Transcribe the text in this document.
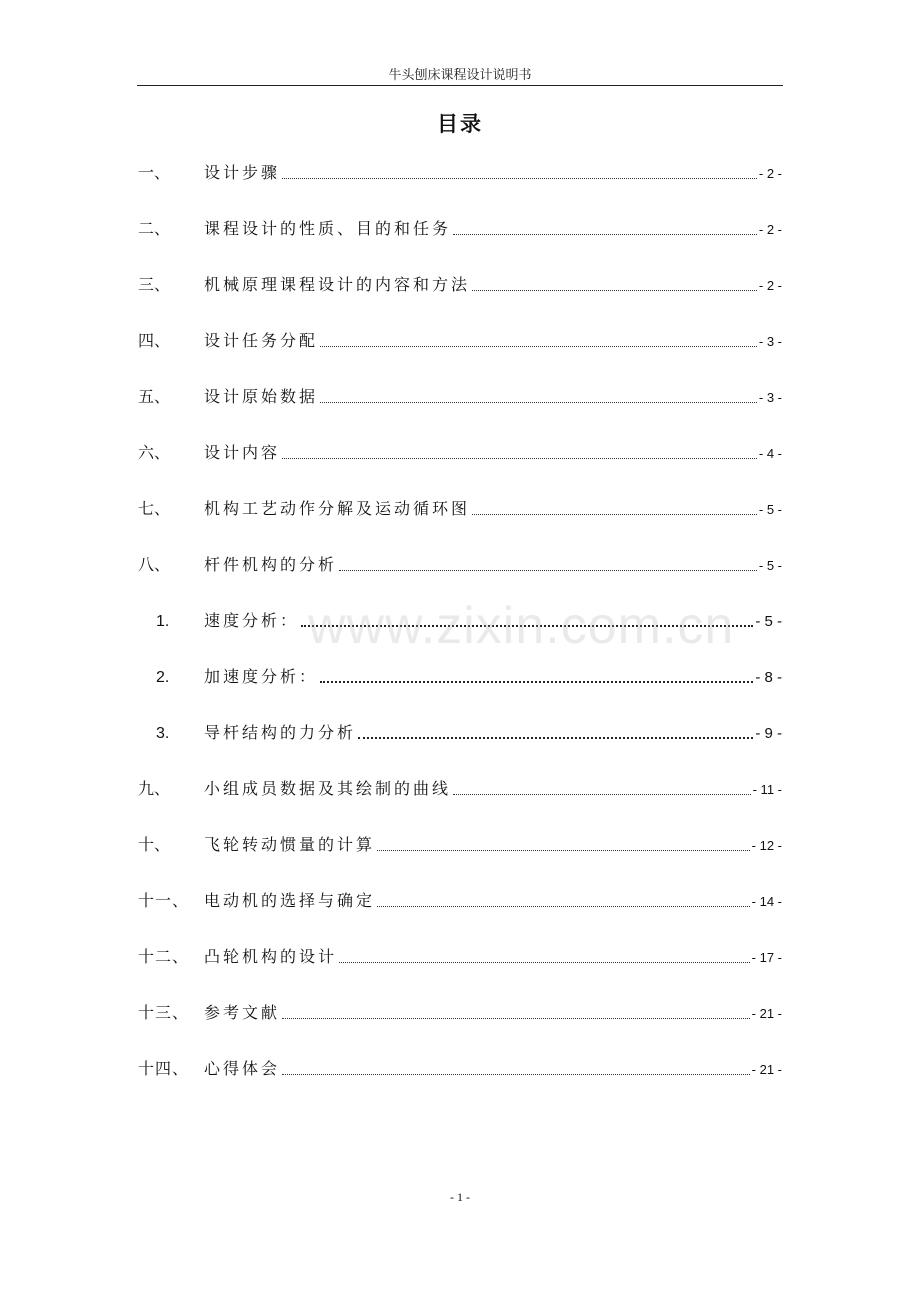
牛头刨床课程设计说明书
目录
一、	设计步骤	- 2 -
二、	课程设计的性质、目的和任务	- 2 -
三、	机械原理课程设计的内容和方法	- 2 -
四、	设计任务分配	- 3 -
五、	设计原始数据	- 3 -
六、	设计内容	- 4 -
七、	机构工艺动作分解及运动循环图	- 5 -
八、	杆件机构的分析	- 5 -
1.	速度分析：	- 5 -
2.	加速度分析：	- 8 -
3.	导杆结构的力分析	- 9 -
九、	小组成员数据及其绘制的曲线	- 11 -
十、	飞轮转动惯量的计算	- 12 -
十一、 电动机的选择与确定	- 14 -
十二、 凸轮机构的设计	- 17 -
十三、 参考文献	- 21 -
十四、 心得体会	- 21 -
www.zixin.com.cn
- 1 -
